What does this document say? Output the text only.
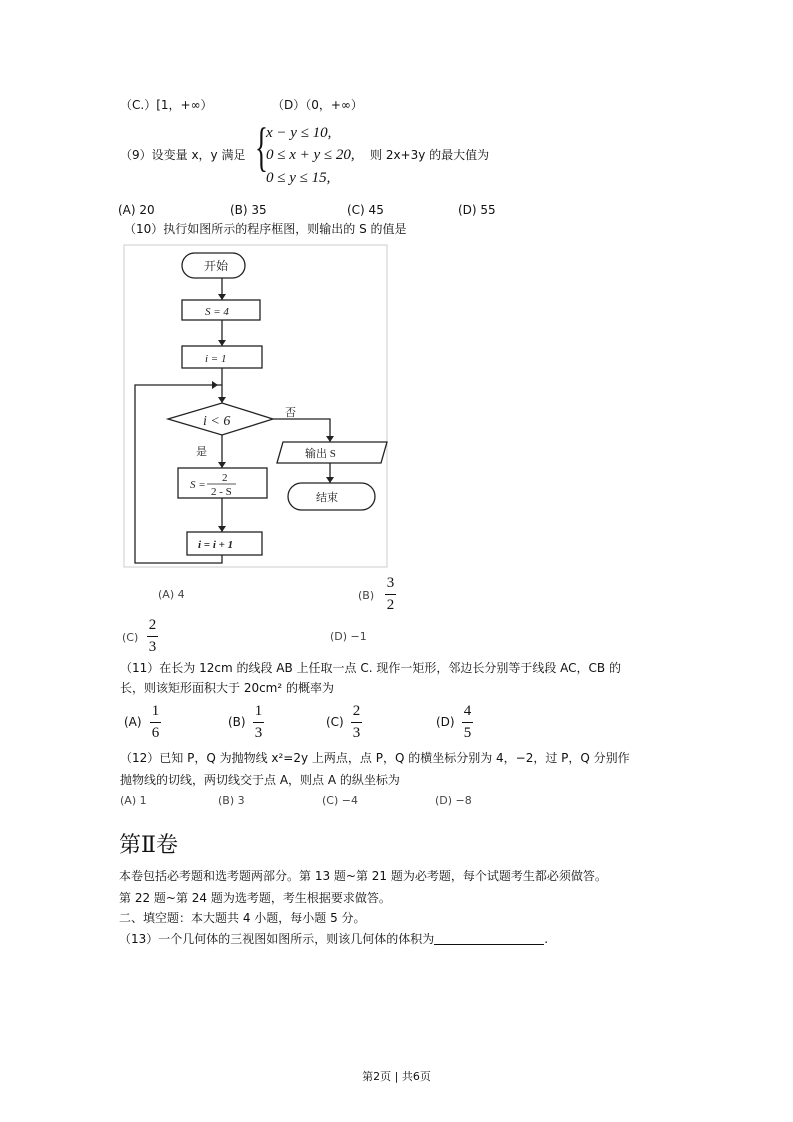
（C.）[1，+∞）	（D）（0，+∞）
（9）设变量 x，y 满足 {
x − y ≤ 10,
0 ≤ x + y ≤ 20,
0 ≤ y ≤ 15,
则 2x+3y 的最大值为
(A) 20	(B) 35	(C) 45	(D) 55
（10）执行如图所示的程序框图，则输出的 S 的值是
开始
S = 4
i = 1
i < 6
否
是
S =
2
2 - S
i = i + 1
输出 S
结束
(A) 4	(B)
3
2
(C)
2
3
(D) −1
（11）在长为 12cm 的线段 AB 上任取一点 C. 现作一矩形，邻边长分别等于线段 AC，CB 的
长，则该矩形面积大于 20cm² 的概率为
(A)
1
6
(B)
1
3
(C)
2
3
(D)
4
5
（12）已知 P，Q 为抛物线 x²=2y 上两点，点 P，Q 的横坐标分别为 4，−2，过 P，Q 分别作
抛物线的切线，两切线交于点 A，则点 A 的纵坐标为
(A) 1	(B) 3	(C) −4	(D) −8
第Ⅱ卷
本卷包括必考题和选考题两部分。第 13 题~第 21 题为必考题，每个试题考生都必须做答。
第 22 题~第 24 题为选考题，考生根据要求做答。
二、填空题：本大题共 4 小题，每小题 5 分。
（13）一个几何体的三视图如图所示，则该几何体的体积为	.
第2页 | 共6页
